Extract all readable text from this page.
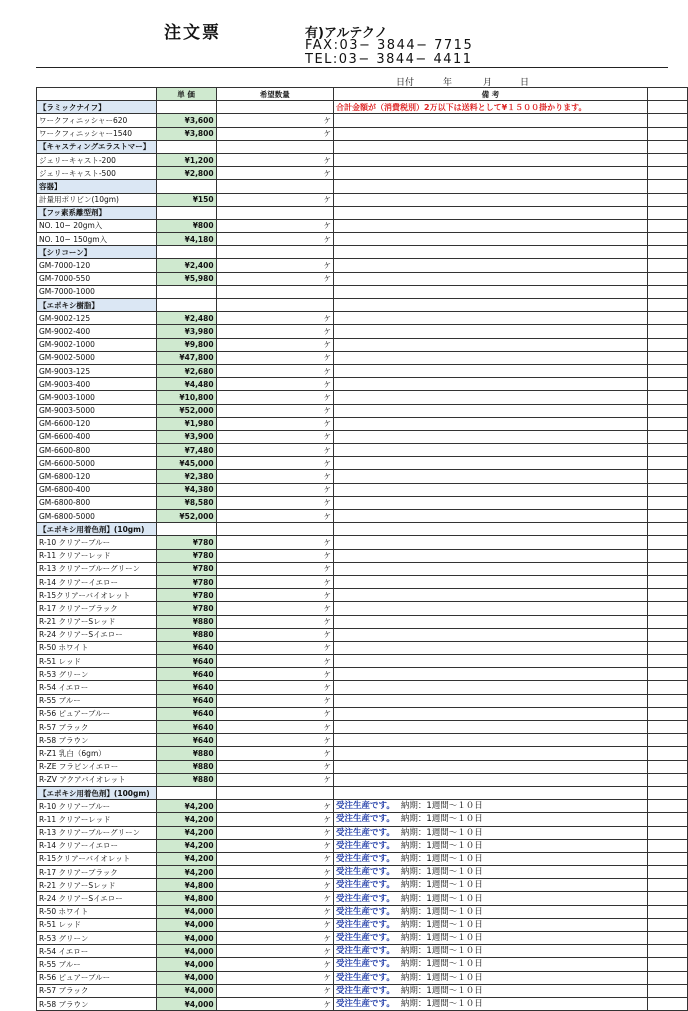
注文票	有)アルテクノ
FAX:03− 3844− 7715
TEL:03− 3844− 4411
日付	年	月	日
	単 価	希望数量	備 考	
【ラミックナイフ】			合計金額が（消費税別）2万以下は送料として¥１５００掛かります。	
ワークフィニッシャー620	¥3,600	ケ		
ワークフィニッシャー1540	¥3,800	ケ		
【キャスティングエラストマー】				
ジェリーキャスト-200	¥1,200	ケ		
ジェリーキャスト-500	¥2,800	ケ		
容器】				
計量用ポリビン(10gm)	¥150	ケ		
【フッ素系離型剤】				
NO. 10− 20gm入	¥800	ケ		
NO. 10− 150gm入	¥4,180	ケ		
【シリコーン】				
GM-7000-120	¥2,400	ケ		
GM-7000-550	¥5,980	ケ		
GM-7000-1000				
【エポキシ樹脂】				
GM-9002-125	¥2,480	ケ		
GM-9002-400	¥3,980	ケ		
GM-9002-1000	¥9,800	ケ		
GM-9002-5000	¥47,800	ケ		
GM-9003-125	¥2,680	ケ		
GM-9003-400	¥4,480	ケ		
GM-9003-1000	¥10,800	ケ		
GM-9003-5000	¥52,000	ケ		
GM-6600-120	¥1,980	ケ		
GM-6600-400	¥3,900	ケ		
GM-6600-800	¥7,480	ケ		
GM-6600-5000	¥45,000	ケ		
GM-6800-120	¥2,380	ケ		
GM-6800-400	¥4,380	ケ		
GM-6800-800	¥8,580	ケ		
GM-6800-5000	¥52,000	ケ		
【エポキシ用着色剤】(10gm)				
R-10 クリアーブルー	¥780	ケ		
R-11 クリアーレッド	¥780	ケ		
R-13 クリアーブルーグリーン	¥780	ケ		
R-14 クリアーイエロー	¥780	ケ		
R-15クリアーバイオレット	¥780	ケ		
R-17 クリアーブラック	¥780	ケ		
R-21 クリアーSレッド	¥880	ケ		
R-24 クリアーSイエロー	¥880	ケ		
R-50 ホワイト	¥640	ケ		
R-51 レッド	¥640	ケ		
R-53 グリーン	¥640	ケ		
R-54 イエロー	¥640	ケ		
R-55 ブルー	¥640	ケ		
R-56 ピュアーブルー	¥640	ケ		
R-57 ブラック	¥640	ケ		
R-58 ブラウン	¥640	ケ		
R-Z1 乳白（6gm）	¥880	ケ		
R-ZE フラビンイエロー	¥880	ケ		
R-ZV アクアバイオレット	¥880	ケ		
【エポキシ用着色剤】(100gm)				
R-10 クリアーブルー	¥4,200	ケ	受注生産です。 納期：1週間〜１０日	
R-11 クリアーレッド	¥4,200	ケ	受注生産です。 納期：1週間〜１０日	
R-13 クリアーブルーグリーン	¥4,200	ケ	受注生産です。 納期：1週間〜１０日	
R-14 クリアーイエロー	¥4,200	ケ	受注生産です。 納期：1週間〜１０日	
R-15クリアーバイオレット	¥4,200	ケ	受注生産です。 納期：1週間〜１０日	
R-17 クリアーブラック	¥4,200	ケ	受注生産です。 納期：1週間〜１０日	
R-21 クリアーSレッド	¥4,800	ケ	受注生産です。 納期：1週間〜１０日	
R-24 クリアーSイエロー	¥4,800	ケ	受注生産です。 納期：1週間〜１０日	
R-50 ホワイト	¥4,000	ケ	受注生産です。 納期：1週間〜１０日	
R-51 レッド	¥4,000	ケ	受注生産です。 納期：1週間〜１０日	
R-53 グリーン	¥4,000	ケ	受注生産です。 納期：1週間〜１０日	
R-54 イエロー	¥4,000	ケ	受注生産です。 納期：1週間〜１０日	
R-55 ブルー	¥4,000	ケ	受注生産です。 納期：1週間〜１０日	
R-56 ピュアーブルー	¥4,000	ケ	受注生産です。 納期：1週間〜１０日	
R-57 ブラック	¥4,000	ケ	受注生産です。 納期：1週間〜１０日	
R-58 ブラウン	¥4,000	ケ	受注生産です。 納期：1週間〜１０日	
